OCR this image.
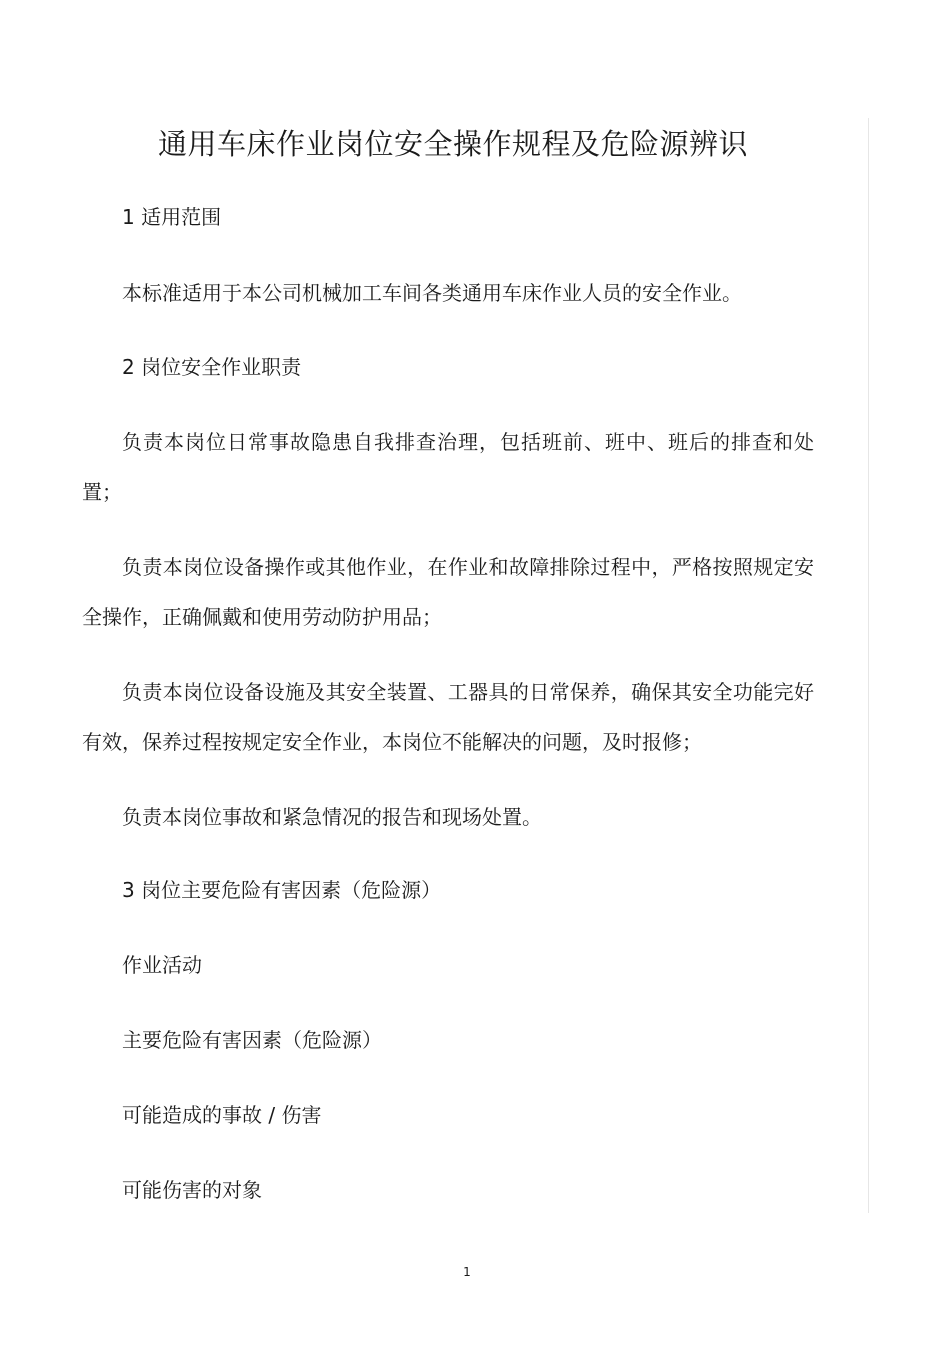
通用车床作业岗位安全操作规程及危险源辨识

1 适用范围

本标准适用于本公司机械加工车间各类通用车床作业人员的安全作业。

2 岗位安全作业职责

负责本岗位日常事故隐患自我排查治理，包括班前、班中、班后的排查和处置；

负责本岗位设备操作或其他作业，在作业和故障排除过程中，严格按照规定安全操作，正确佩戴和使用劳动防护用品；

负责本岗位设备设施及其安全装置、工器具的日常保养，确保其安全功能完好有效，保养过程按规定安全作业，本岗位不能解决的问题，及时报修；

负责本岗位事故和紧急情况的报告和现场处置。

3 岗位主要危险有害因素（危险源）

作业活动

主要危险有害因素（危险源）

可能造成的事故 / 伤害

可能伤害的对象

1
